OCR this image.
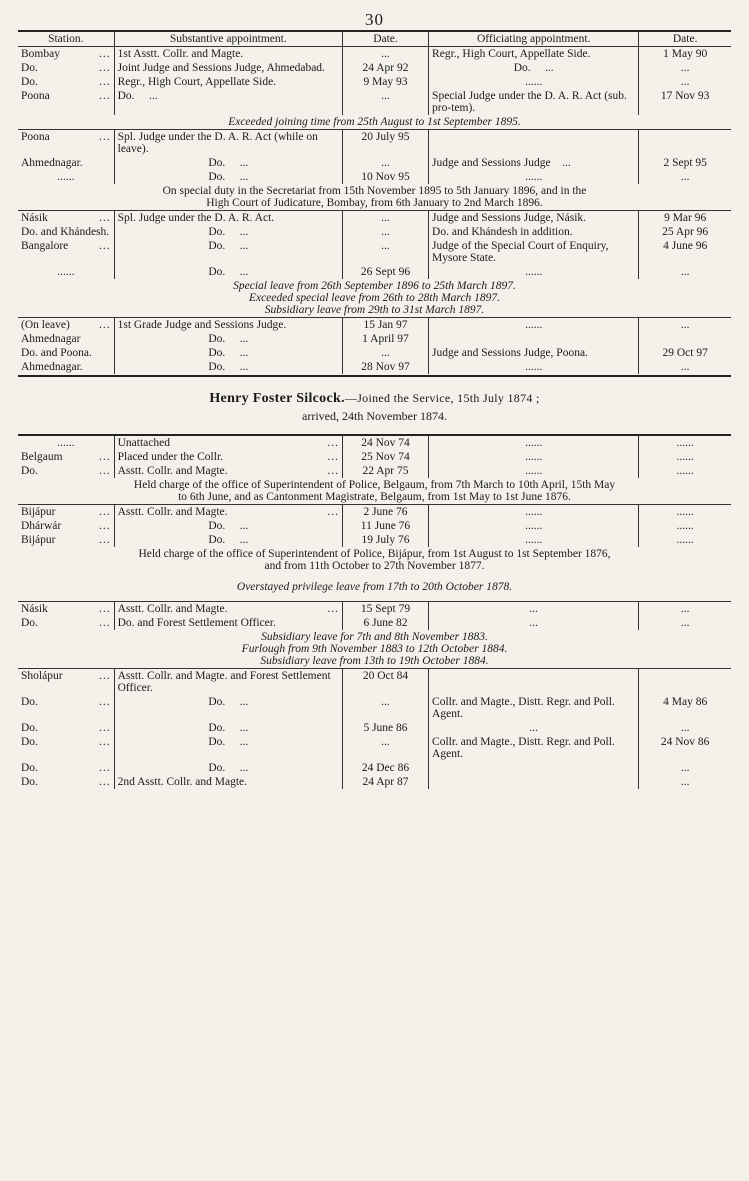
30
Station.	Substantive appointment.	Date.	Officiating appointment.	Date.
Bombay ...	1st Asstt. Collr. and Magte.	...	Regr., High Court, Appellate Side.	1 May 90
Do. ...	Joint Judge and Sessions Judge, Ahmedabad.	24 Apr 92	Do. ...	...
Do. ...	Regr., High Court, Appellate Side.	9 May 93	......	...
Poona ...	Do. ...	...	Special Judge under the D. A. R. Act (sub. pro-tem).	17 Nov 93
Exceeded joining time from 25th August to 1st September 1895.				
Poona ...	Spl. Judge under the D. A. R. Act (while on leave).	20 July 95		
Ahmednagar.	Do. ...	...	Judge and Sessions Judge ...	2 Sept 95
......	Do. ...	10 Nov 95	......	...

On special duty in the Secretariat from 15th November 1895 to 5th January 1896, and in the
High Court of Judicature, Bombay, from 6th January to 2nd March 1896.				

Násik ...	Spl. Judge under the D. A. R. Act.	...	Judge and Sessions Judge, Násik.	9 Mar 96
Do. and Khándesh.	Do. ...	...	Do. and Khándesh in addition.	25 Apr 96
Bangalore ...	Do. ...	...	Judge of the Special Court of Enquiry, Mysore State.	4 June 96
......	Do. ...	26 Sept 96	......	...

Special leave from 26th September 1896 to 25th March 1897.
Exceeded special leave from 26th to 28th March 1897.
Subsidiary leave from 29th to 31st March 1897.				

(On leave) ...	1st Grade Judge and Sessions Judge.	15 Jan 97	......	...
Ahmednagar	Do. ...	1 April 97		
Do. and Poona.	Do. ...	...	Judge and Sessions Judge, Poona.	29 Oct 97
Ahmednagar.	Do. ...	28 Nov 97	......	...
Henry Foster Silcock.—Joined the Service, 15th July 1874 ;
arrived, 24th November 1874.
......	Unattached ...	24 Nov 74	......	......
Belgaum ...	Placed under the Collr. ...	25 Nov 74	......	......
Do. ...	Asstt. Collr. and Magte. ...	22 Apr 75	......	......

Held charge of the office of Superintendent of Police, Belgaum, from 7th March to 10th April, 15th May
to 6th June, and as Cantonment Magistrate, Belgaum, from 1st May to 1st June 1876.				

Bijápur ...	Asstt. Collr. and Magte. ...	2 June 76	......	......
Dhárwár ...	Do. ...	11 June 76	......	......
Bijápur ...	Do. ...	19 July 76	......	......

Held charge of the office of Superintendent of Police, Bijápur, from 1st August to 1st September 1876,
and from 11th October to 27th November 1877.				

Overstayed privilege leave from 17th to 20th October 1878.				
Násik ...	Asstt. Collr. and Magte. ...	15 Sept 79	...	...
Do. ...	Do. and Forest Settlement Officer.	6 June 82	...	...

Subsidiary leave for 7th and 8th November 1883.
Furlough from 9th November 1883 to 12th October 1884.
Subsidiary leave from 13th to 19th October 1884.				

Sholápur ...	Asstt. Collr. and Magte. and Forest Settlement Officer.	20 Oct 84		
Do. ...	Do. ...	...	Collr. and Magte., Distt. Regr. and Poll. Agent.	4 May 86
Do. ...	Do. ...	5 June 86	...	...
Do. ...	Do. ...	...	Collr. and Magte., Distt. Regr. and Poll. Agent.	24 Nov 86
Do. ...	Do. ...	24 Dec 86		...
Do. ...	2nd Asstt. Collr. and Magte.	24 Apr 87		...
